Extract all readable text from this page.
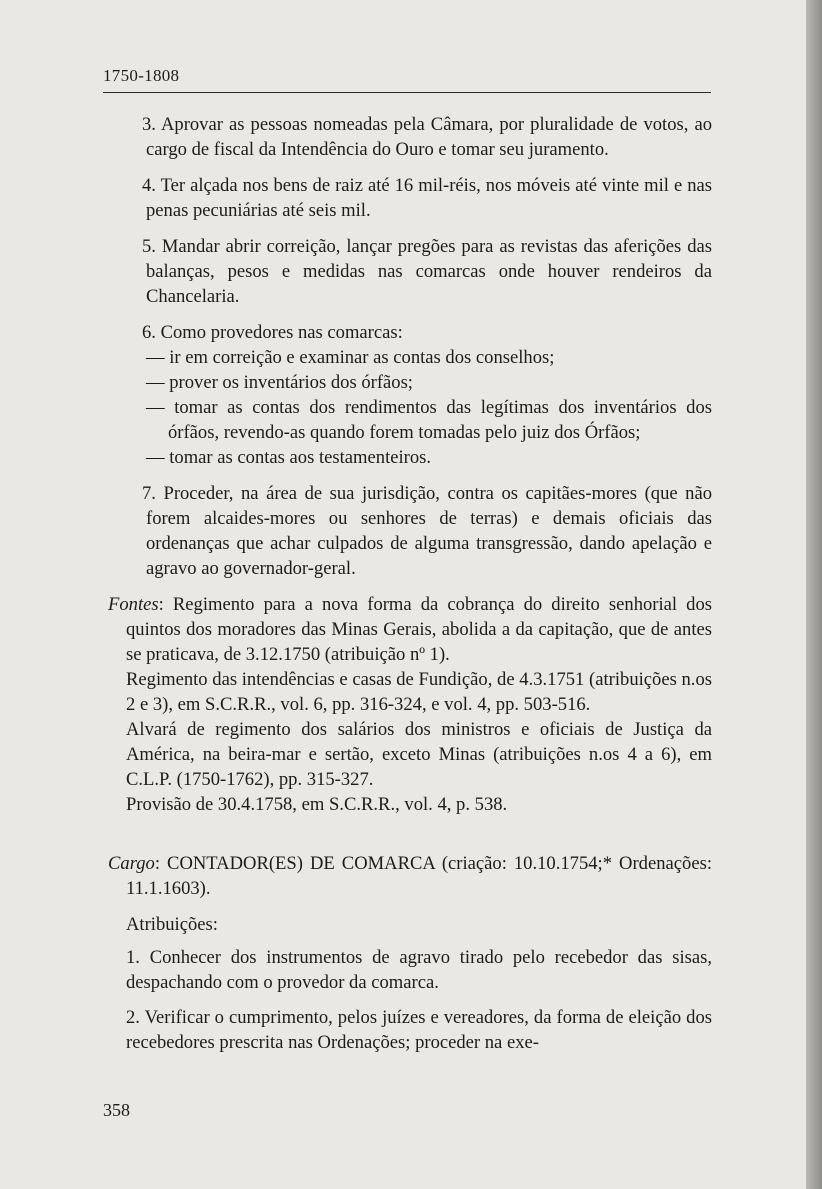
1750-1808

3. Aprovar as pessoas nomeadas pela Câmara, por pluralidade de votos, ao cargo de fiscal da Intendência do Ouro e tomar seu juramento.

4. Ter alçada nos bens de raiz até 16 mil-réis, nos móveis até vinte mil e nas penas pecuniárias até seis mil.

5. Mandar abrir correição, lançar pregões para as revistas das aferições das balanças, pesos e medidas nas comarcas onde houver rendeiros da Chancelaria.

6. Como provedores nas comarcas:

— ir em correição e examinar as contas dos conselhos;

— prover os inventários dos órfãos;

— tomar as contas dos rendimentos das legítimas dos inventários dos órfãos, revendo-as quando forem tomadas pelo juiz dos Órfãos;

— tomar as contas aos testamenteiros.

7. Proceder, na área de sua jurisdição, contra os capitães-mores (que não forem alcaides-mores ou senhores de terras) e demais oficiais das ordenanças que achar culpados de alguma transgressão, dando apelação e agravo ao governador-geral.

Fontes: Regimento para a nova forma da cobrança do direito senhorial dos quintos dos moradores das Minas Gerais, abolida a da capitação, que de antes se praticava, de 3.12.1750 (atribuição nº 1).

Regimento das intendências e casas de Fundição, de 4.3.1751 (atribuições n.os 2 e 3), em S.C.R.R., vol. 6, pp. 316-324, e vol. 4, pp. 503-516.

Alvará de regimento dos salários dos ministros e oficiais de Justiça da América, na beira-mar e sertão, exceto Minas (atribuições n.os 4 a 6), em C.L.P. (1750-1762), pp. 315-327.

Provisão de 30.4.1758, em S.C.R.R., vol. 4, p. 538.

Cargo: CONTADOR(ES) DE COMARCA (criação: 10.10.1754;* Ordenações: 11.1.1603).

Atribuições:

1. Conhecer dos instrumentos de agravo tirado pelo recebedor das sisas, despachando com o provedor da comarca.

2. Verificar o cumprimento, pelos juízes e vereadores, da forma de eleição dos recebedores prescrita nas Ordenações; proceder na exe-

358
